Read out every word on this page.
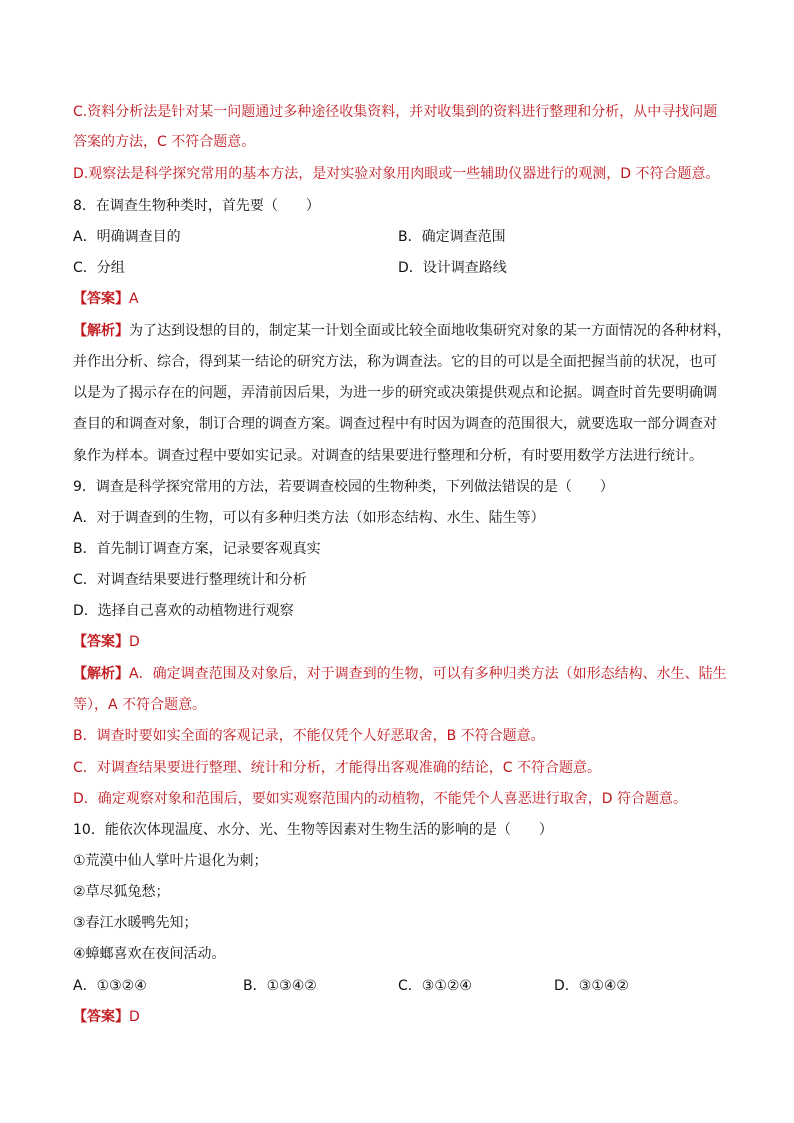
C.资料分析法是针对某一问题通过多种途径收集资料，并对收集到的资料进行整理和分析，从中寻找问题
答案的方法，C 不符合题意。
D.观察法是科学探究常用的基本方法，是对实验对象用肉眼或一些辅助仪器进行的观测，D 不符合题意。
8．在调查生物种类时，首先要（　　）
A．明确调查目的	B．确定调查范围
C．分组	D．设计调查路线
【答案】A
【解析】为了达到设想的目的，制定某一计划全面或比较全面地收集研究对象的某一方面情况的各种材料，
并作出分析、综合，得到某一结论的研究方法，称为调查法。它的目的可以是全面把握当前的状况，也可
以是为了揭示存在的问题，弄清前因后果，为进一步的研究或决策提供观点和论据。调查时首先要明确调
查目的和调查对象，制订合理的调查方案。调查过程中有时因为调查的范围很大，就要选取一部分调查对
象作为样本。调查过程中要如实记录。对调查的结果要进行整理和分析，有时要用数学方法进行统计。
9．调查是科学探究常用的方法，若要调查校园的生物种类，下列做法错误的是（　　）
A．对于调查到的生物，可以有多种归类方法（如形态结构、水生、陆生等）
B．首先制订调查方案，记录要客观真实
C．对调查结果要进行整理统计和分析
D．选择自己喜欢的动植物进行观察
【答案】D
【解析】A．确定调查范围及对象后，对于调查到的生物，可以有多种归类方法（如形态结构、水生、陆生
等），A 不符合题意。
B．调查时要如实全面的客观记录，不能仅凭个人好恶取舍，B 不符合题意。
C．对调查结果要进行整理、统计和分析，才能得出客观准确的结论，C 不符合题意。
D．确定观察对象和范围后，要如实观察范围内的动植物，不能凭个人喜恶进行取舍，D 符合题意。
10．能依次体现温度、水分、光、生物等因素对生物生活的影响的是（　　）
①荒漠中仙人掌叶片退化为刺；
②草尽狐兔愁；
③春江水暖鸭先知；
④蟑螂喜欢在夜间活动。
A．①③②④	B．①③④②	C．③①②④	D．③①④②
【答案】D
